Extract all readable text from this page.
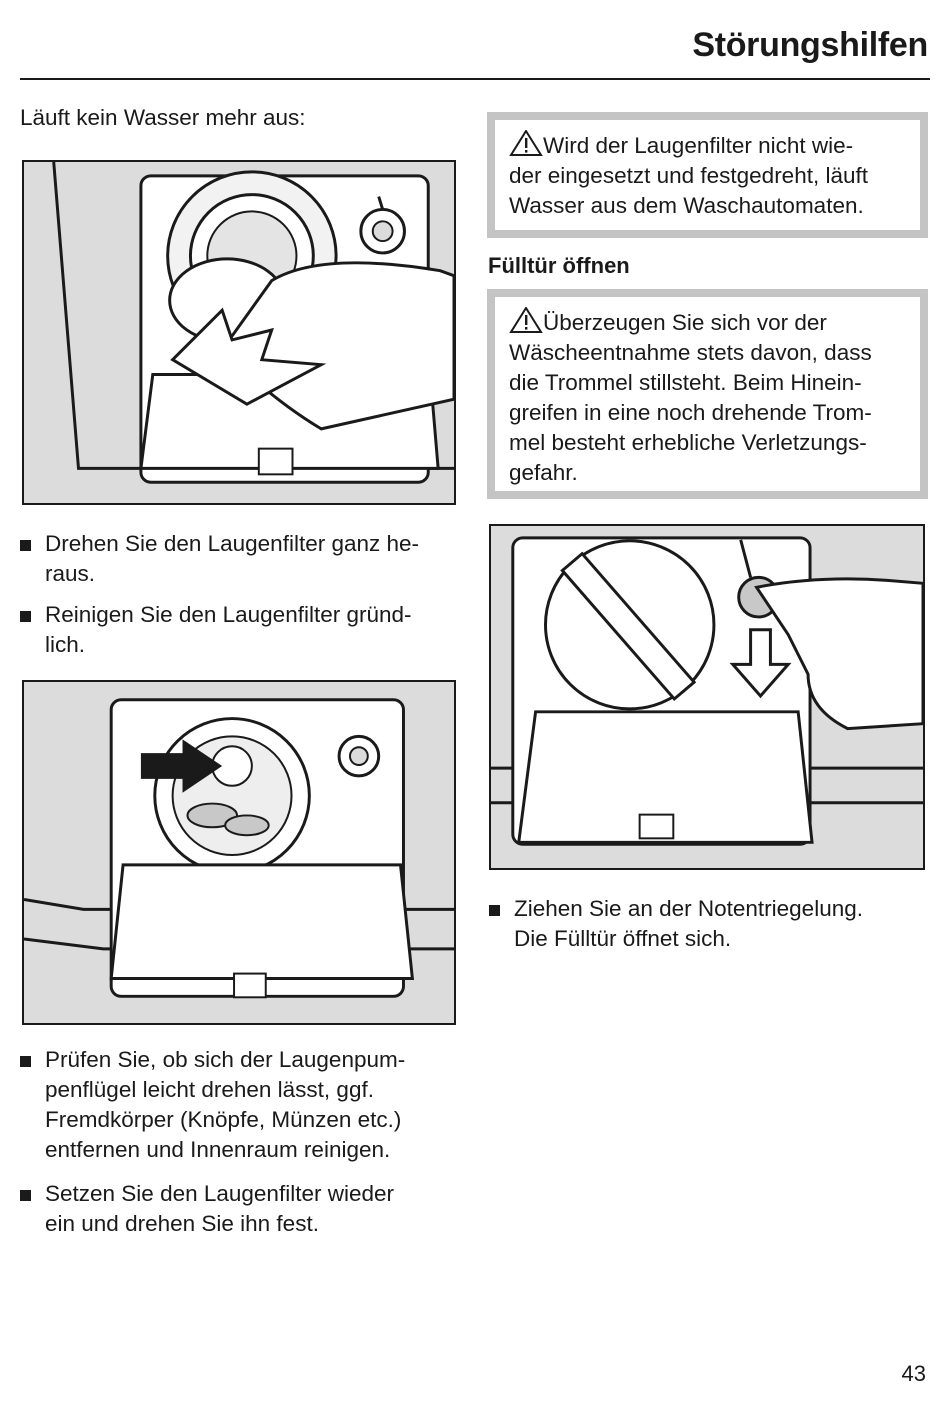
Störungshilfen
Läuft kein Wasser mehr aus:
Drehen Sie den Laugenfilter ganz he-
raus.
Reinigen Sie den Laugenfilter gründ-
lich.
Prüfen Sie, ob sich der Laugenpum-
penflügel leicht drehen lässt, ggf.
Fremdkörper (Knöpfe, Münzen etc.)
entfernen und Innenraum reinigen.
Setzen Sie den Laugenfilter wieder
ein und drehen Sie ihn fest.
Wird der Laugenfilter nicht wie-
der eingesetzt und festgedreht, läuft
Wasser aus dem Waschautomaten.
Fülltür öffnen
Überzeugen Sie sich vor der
Wäscheentnahme stets davon, dass
die Trommel stillsteht. Beim Hinein-
greifen in eine noch drehende Trom-
mel besteht erhebliche Verletzungs-
gefahr.
Ziehen Sie an der Notentriegelung.
Die Fülltür öffnet sich.
43
